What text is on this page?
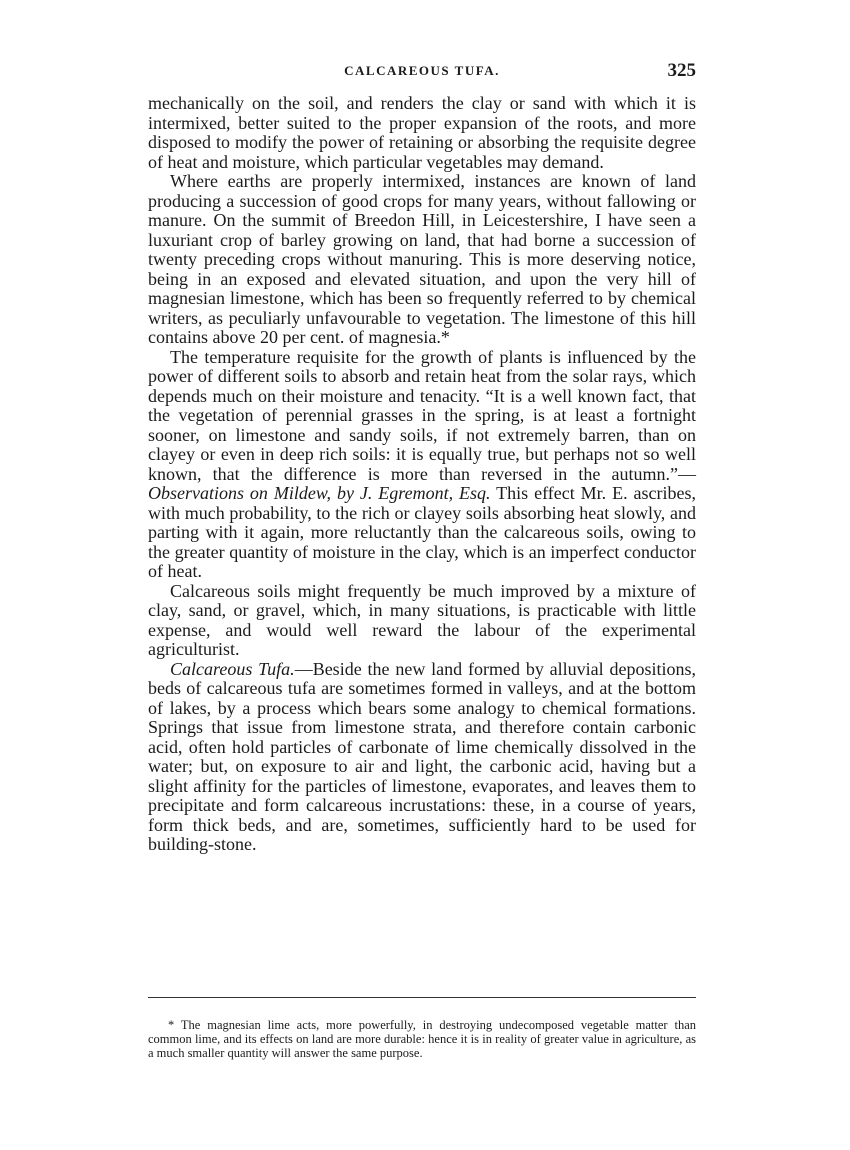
CALCAREOUS TUFA.	325

mechanically on the soil, and renders the clay or sand with which it is intermixed, better suited to the proper expansion of the roots, and more disposed to modify the power of retaining or absorbing the requisite degree of heat and moisture, which particular vegetables may demand.

Where earths are properly intermixed, instances are known of land producing a succession of good crops for many years, without fallowing or manure. On the summit of Breedon Hill, in Leicestershire, I have seen a luxuriant crop of barley growing on land, that had borne a succession of twenty preceding crops without manuring. This is more deserving notice, being in an exposed and elevated situation, and upon the very hill of magnesian limestone, which has been so frequently referred to by chemical writers, as peculiarly unfavourable to vegetation. The limestone of this hill contains above 20 per cent. of magnesia.*

The temperature requisite for the growth of plants is influenced by the power of different soils to absorb and retain heat from the solar rays, which depends much on their moisture and tenacity. “It is a well known fact, that the vegetation of perennial grasses in the spring, is at least a fortnight sooner, on limestone and sandy soils, if not extremely barren, than on clayey or even in deep rich soils: it is equally true, but perhaps not so well known, that the difference is more than reversed in the autumn.”—Observations on Mildew, by J. Egremont, Esq. This effect Mr. E. ascribes, with much probability, to the rich or clayey soils absorbing heat slowly, and parting with it again, more reluctantly than the calcareous soils, owing to the greater quantity of moisture in the clay, which is an imperfect conductor of heat.

Calcareous soils might frequently be much improved by a mixture of clay, sand, or gravel, which, in many situations, is practicable with little expense, and would well reward the labour of the experimental agriculturist.

Calcareous Tufa.—Beside the new land formed by alluvial depositions, beds of calcareous tufa are sometimes formed in valleys, and at the bottom of lakes, by a process which bears some analogy to chemical formations. Springs that issue from limestone strata, and therefore contain carbonic acid, often hold particles of carbonate of lime chemically dissolved in the water; but, on exposure to air and light, the carbonic acid, having but a slight affinity for the particles of limestone, evaporates, and leaves them to precipitate and form calcareous incrustations: these, in a course of years, form thick beds, and are, sometimes, sufficiently hard to be used for building-stone.

* The magnesian lime acts, more powerfully, in destroying undecomposed vegetable matter than common lime, and its effects on land are more durable: hence it is in reality of greater value in agriculture, as a much smaller quantity will answer the same purpose.
